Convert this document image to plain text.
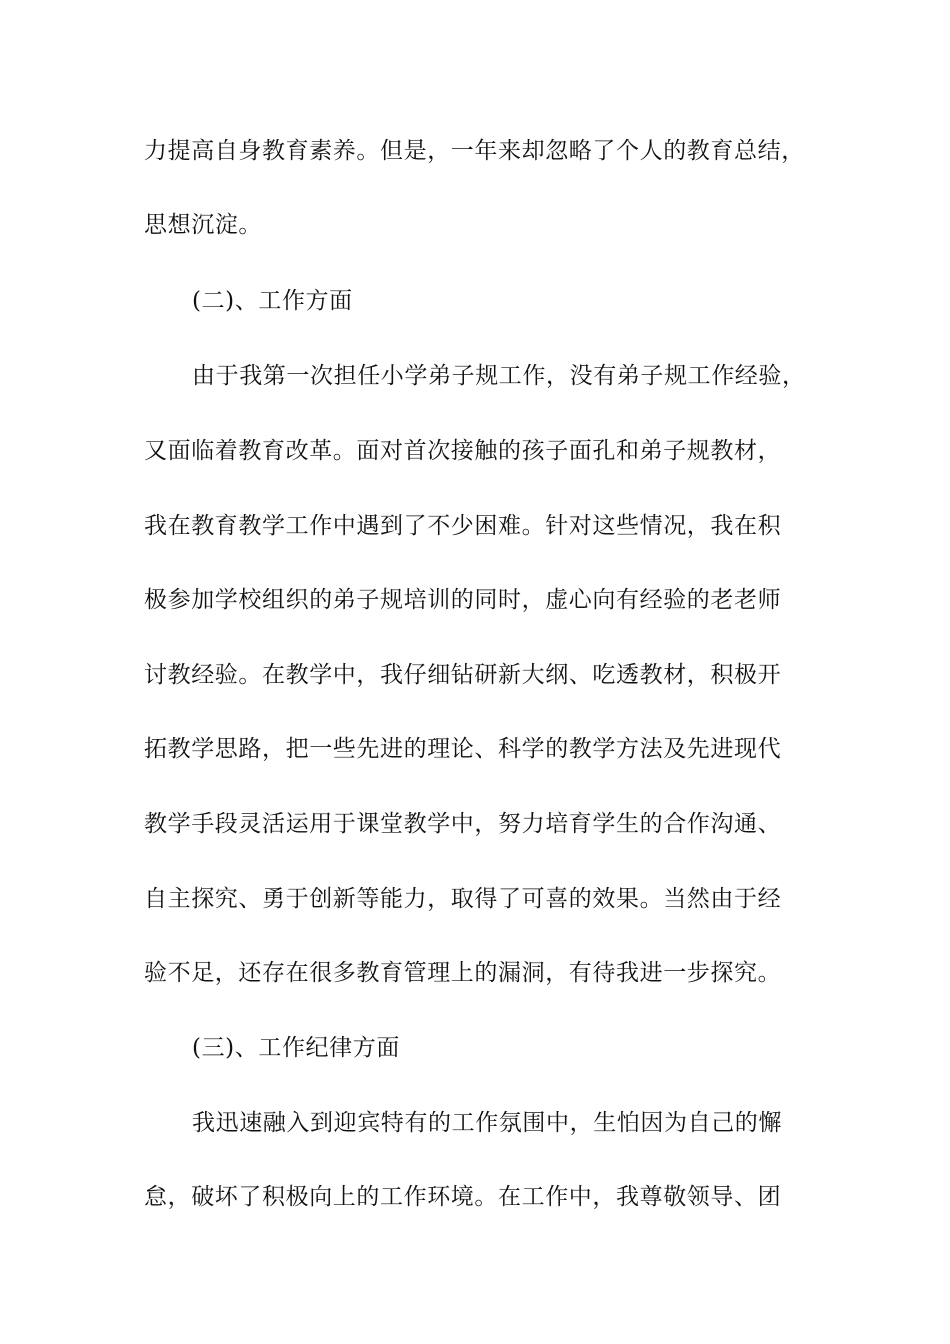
力提高自身教育素养。但是，一年来却忽略了个人的教育总结，
思想沉淀。
(二)、工作方面
由于我第一次担任小学弟子规工作，没有弟子规工作经验，
又面临着教育改革。面对首次接触的孩子面孔和弟子规教材，
我在教育教学工作中遇到了不少困难。针对这些情况，我在积
极参加学校组织的弟子规培训的同时，虚心向有经验的老老师
讨教经验。在教学中，我仔细钻研新大纲、吃透教材，积极开
拓教学思路，把一些先进的理论、科学的教学方法及先进现代
教学手段灵活运用于课堂教学中，努力培育学生的合作沟通、
自主探究、勇于创新等能力，取得了可喜的效果。当然由于经
验不足，还存在很多教育管理上的漏洞，有待我进一步探究。
(三)、工作纪律方面
我迅速融入到迎宾特有的工作氛围中，生怕因为自己的懈
怠，破坏了积极向上的工作环境。在工作中，我尊敬领导、团
